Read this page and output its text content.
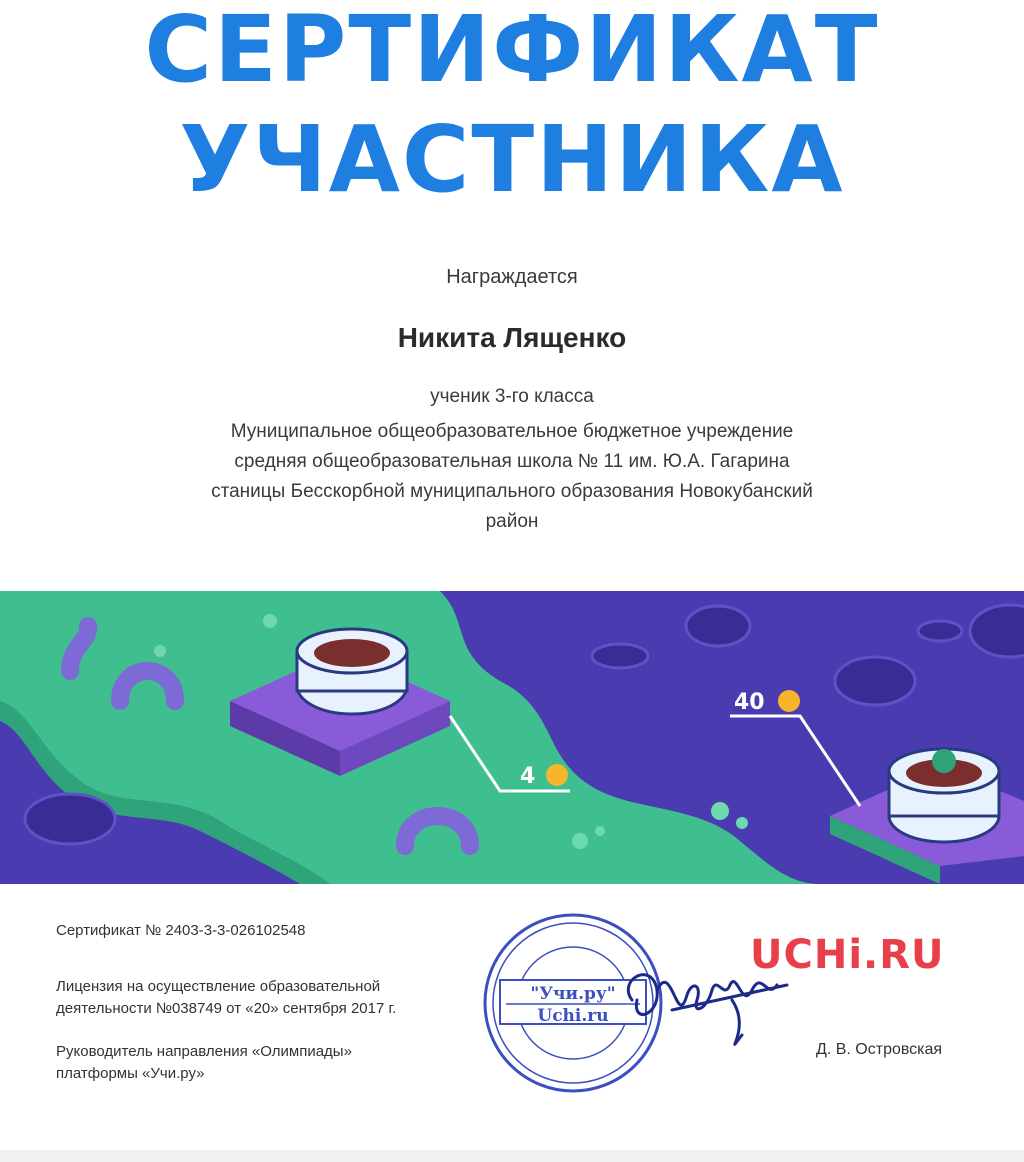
СЕРТИФИКАТ
УЧАСТНИКА
Награждается
Никита Лященко
ученик 3-го класса
Муниципальное общеобразовательное бюджетное учреждение
средняя общеобразовательная школа № 11 им. Ю.А. Гагарина
станицы Бесскорбной муниципального образования Новокубанский
район
4
40
Сертификат № 2403-3-3-026102548
Лицензия на осуществление образовательной
деятельности №038749 от «20» сентября 2017 г.
Руководитель направления «Олимпиады»
платформы «Учи.ру»
"Учи.ру"
Uchi.ru
UCHi.RU
Д. В. Островская
